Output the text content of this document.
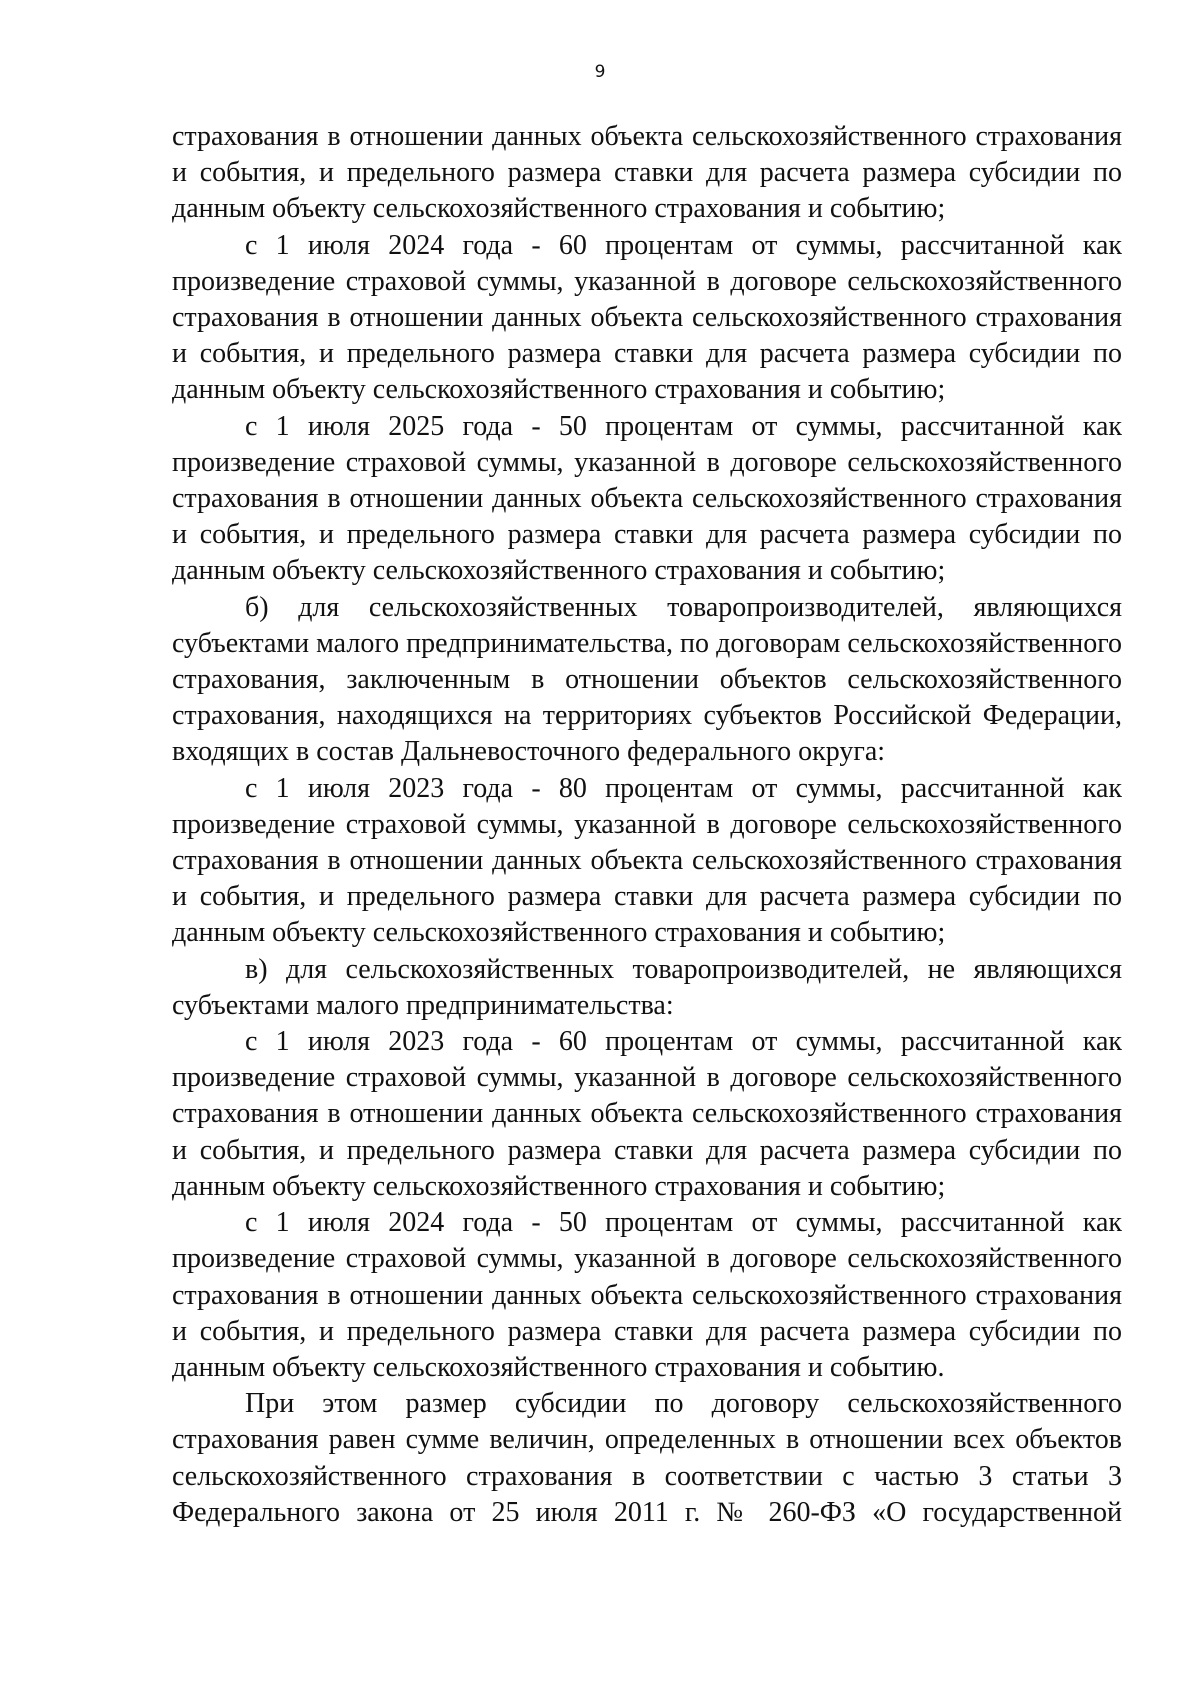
9

страхования в отношении данных объекта сельскохозяйственного страхования и события, и предельного размера ставки для расчета размера субсидии по данным объекту сельскохозяйственного страхования и событию;

с 1 июля 2024 года - 60 процентам от суммы, рассчитанной как произведение страховой суммы, указанной в договоре сельскохозяйственного страхования в отношении данных объекта сельскохозяйственного страхования и события, и предельного размера ставки для расчета размера субсидии по данным объекту сельскохозяйственного страхования и событию;

с 1 июля 2025 года - 50 процентам от суммы, рассчитанной как произведение страховой суммы, указанной в договоре сельскохозяйственного страхования в отношении данных объекта сельскохозяйственного страхования и события, и предельного размера ставки для расчета размера субсидии по данным объекту сельскохозяйственного страхования и событию;

б) для сельскохозяйственных товаропроизводителей, являющихся субъектами малого предпринимательства, по договорам сельскохозяйственного страхования, заключенным в отношении объектов сельскохозяйственного страхования, находящихся на территориях субъектов Российской Федерации, входящих в состав Дальневосточного федерального округа:

с 1 июля 2023 года - 80 процентам от суммы, рассчитанной как произведение страховой суммы, указанной в договоре сельскохозяйственного страхования в отношении данных объекта сельскохозяйственного страхования и события, и предельного размера ставки для расчета размера субсидии по данным объекту сельскохозяйственного страхования и событию;

в) для сельскохозяйственных товаропроизводителей, не являющихся субъектами малого предпринимательства:

с 1 июля 2023 года - 60 процентам от суммы, рассчитанной как произведение страховой суммы, указанной в договоре сельскохозяйственного страхования в отношении данных объекта сельскохозяйственного страхования и события, и предельного размера ставки для расчета размера субсидии по данным объекту сельскохозяйственного страхования и событию;

с 1 июля 2024 года - 50 процентам от суммы, рассчитанной как произведение страховой суммы, указанной в договоре сельскохозяйственного страхования в отношении данных объекта сельскохозяйственного страхования и события, и предельного размера ставки для расчета размера субсидии по данным объекту сельскохозяйственного страхования и событию.

При этом размер субсидии по договору сельскохозяйственного страхования равен сумме величин, определенных в отношении всех объектов сельскохозяйственного страхования в соответствии с частью 3 статьи 3 Федерального закона от 25 июля 2011 г. № 260-ФЗ «О государственной
